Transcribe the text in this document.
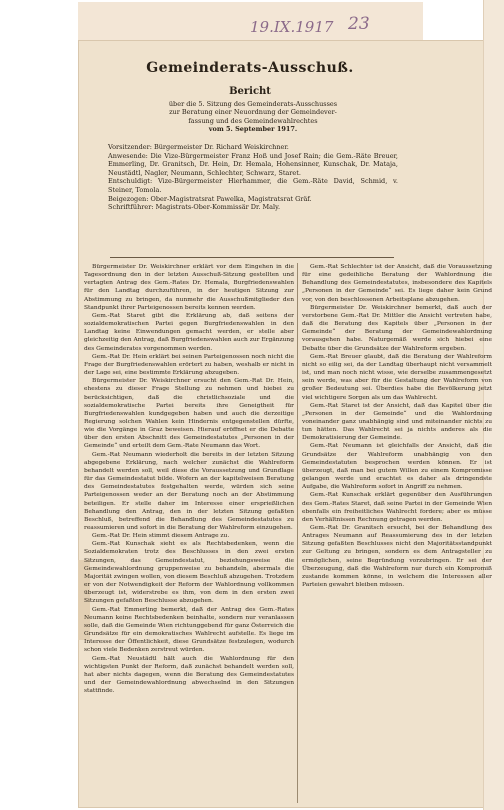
19.IX.1917 23
Gemeinderats-Ausschuß.
Bericht
über die 5. Sitzung des Gemeinderats-Ausschusses
zur Beratung einer Neuordnung der Gemeindever-
fassung und des Gemeindewahlrechtes
vom 5. September 1917.

Vorsitzender: Bürgermeister Dr. Richard Weiskirchner.

Anwesende: Die Vize-Bürgermeister Franz Hoß und Josef Rain; die Gem.-Räte Breuer, Emmerling, Dr. Granitsch, Dr. Hein, Dr. Hemala, Hohensinner, Kunschak, Dr. Mataja, Neustädtl, Nagler, Neumann, Schlechter, Schwarz, Staret.

Entschuldigt: Vize-Bürgermeister Hierhammer, die Gem.-Räte David, Schmid, v. Steiner, Tomola.

Beigezogen: Ober-Magistratsrat Pawelka, Magistratsrat Gräf.

Schriftführer: Magistrats-Ober-Kommissär Dr. Maly.

Bürgermeister Dr. Weiskirchner erklärt vor dem Eingehen in die Tagesordnung den in der letzten Ausschuß-Sitzung gestellten und vertagten Antrag des Gem.-Rates Dr. Hemala, Burgfriedenswahlen für den Landtag durchzuführen, in der heutigen Sitzung zur Abstimmung zu bringen, da nunmehr die Ausschußmitglieder den Standpunkt ihrer Parteigenossen bereits kennen werden.

Gem.-Rat Staret gibt die Erklärung ab, daß seitens der sozialdemokratischen Partei gegen Burgfriedenswahlen in den Landtag keine Einwendungen gemacht werden, er stelle aber gleichzeitig den Antrag, daß Burgfriedenswahlen auch zur Ergänzung des Gemeinderates vorgenommen werden.

Gem.-Rat Dr. Hein erklärt bei seinen Parteigenossen noch nicht die Frage der Burgfriedenswahlen erörtert zu haben, weshalb er nicht in der Lage sei, eine bestimmte Erklärung abzugeben.

Bürgermeister Dr. Weiskirchner ersucht den Gem.-Rat Dr. Hein, ehestens zu dieser Frage Stellung zu nehmen und hiebei zu berücksichtigen, daß die christlichsoziale und die sozialdemokratische Partei bereits ihre Geneigtheit für Burgfriedenswahlen kundgegeben haben und auch die derzeitige Regierung solchen Wahlen kein Hindernis entgegenstellen dürfte, wie die Vorgänge in Graz beweisen. Hierauf eröffnet er die Debatte über den ersten Abschnitt des Gemeindestatutes „Personen in der Gemeinde“ und erteilt dem Gem.-Rate Neumann das Wort.

Gem.-Rat Neumann wiederholt die bereits in der letzten Sitzung abgegebene Erklärung, nach welcher zunächst die Wahlreform behandelt werden soll, weil diese die Voraussetzung und Grundlage für das Gemeindestatut bilde. Wofern an der kapitelweisen Beratung des Gemeindestatutes festgehalten werde, würden sich seine Parteigenossen weder an der Beratung noch an der Abstimmung beteiligen. Er stelle daher im Interesse einer ersprießlichen Behandlung den Antrag, den in der letzten Sitzung gefaßten Beschluß, betreffend die Behandlung des Gemeindestatutes zu reassumieren und sofort in die Beratung der Wahlreform einzugehen.

Gem.-Rat Dr. Hein stimmt diesem Antrage zu.

Gem.-Rat Kunschak sieht es als Rechtsbedenken, wenn die Sozialdemokraten trotz des Beschlusses in den zwei ersten Sitzungen, das Gemeindestatut, beziehungsweise die Gemeindewahlordnung gruppenweise zu behandeln, abermals die Majorität zwingen wollen, von diesem Beschluß abzugehen. Trotzdem er von der Notwendigkeit der Reform der Wahlordnung vollkommen überzeugt ist, widerstrebe es ihm, von dem in den ersten zwei Sitzungen gefaßten Beschlusse abzugehen.

Gem.-Rat Emmerling bemerkt, daß der Antrag des Gem.-Rates Neumann keine Rechtsbedenken beinhalte, sondern nur veranlassen solle, daß die Gemeinde Wien richtunggebend für ganz Österreich die Grundsätze für ein demokratisches Wahlrecht aufstelle. Es liege im Interesse der Öffentlichkeit, diese Grundsätze festzulegen, wodurch schon viele Bedenken zerstreut würden.

Gem.-Rat Neustädtl hält auch die Wahlordnung für den wichtigsten Punkt der Reform, daß zunächst behandelt werden soll, hat aber nichts dagegen, wenn die Beratung des Gemeindestatutes und der Gemeindewahlordnung abwechselnd in den Sitzungen stattfinde.

Gem.-Rat Schlechter ist der Ansicht, daß die Voraussetzung für eine gedeihliche Beratung der Wahlordnung die Behandlung des Gemeindestatutes, insbesondere des Kapitels „Personen in der Gemeinde“ sei. Es liege daher kein Grund vor, von den beschlossenen Arbeitsplane abzugehen.

Bürgermeister Dr. Weiskirchner bemerkt, daß auch der verstorbene Gem.-Rat Dr. Mittler die Ansicht vertreten habe, daß die Beratung des Kapitels über „Personen in der Gemeinde“ der Beratung der Gemeindewahlordnung vorausgehen habe. Naturgemäß werde sich hiebei eine Debatte über die Grundsätze der Wahlreform ergeben.

Gem.-Rat Breuer glaubt, daß die Beratung der Wahlreform nicht so eilig sei, da der Landtag überhaupt nicht versammelt ist, und man noch nicht wisse, wie derselbe zusammengesetzt sein werde, was aber für die Gestaltung der Wahlreform von großer Bedeutung sei. Überdies habe die Bevölkerung jetzt viel wichtigere Sorgen als um das Wahlrecht.

Gem.-Rat Staret ist der Ansicht, daß das Kapitel über die „Personen in der Gemeinde“ und die Wahlordnung voneinander ganz unabhängig sind und miteinander nichts zu tun hätten. Das Wahlrecht sei ja nichts anderes als die Demokratisierung der Gemeinde.

Gem.-Rat Neumann ist gleichfalls der Ansicht, daß die Grundsätze der Wahlreform unabhängig von den Gemeindestatuten besprochen werden können. Er ist überzeugt, daß man bei gutem Willen zu einem Kompromisse gelangen werde und erachtet es daher als dringendste Aufgabe, die Wahlreform sofort in Angriff zu nehmen.

Gem.-Rat Kunschak erklärt gegenüber den Ausführungen des Gem.-Rates Staret, daß seine Partei in der Gemeinde Wien ebenfalls ein freiheitliches Wahlrecht fordere; aber es müsse den Verhältnissen Rechnung getragen werden.

Gem.-Rat Dr. Granitsch ersucht, bei der Behandlung des Antrages Neumann auf Reassumierung des in der letzten Sitzung gefaßten Beschlusses nicht den Majoritätsstandpunkt zur Geltung zu bringen, sondern es dem Antragsteller zu ermöglichen, seine Begründung vorzubringen. Er sei der Überzeugung, daß die Wahlreform nur durch ein Kompromiß zustande kommen könne, in welchem die Interessen aller Parteien gewahrt bleiben müssen.
